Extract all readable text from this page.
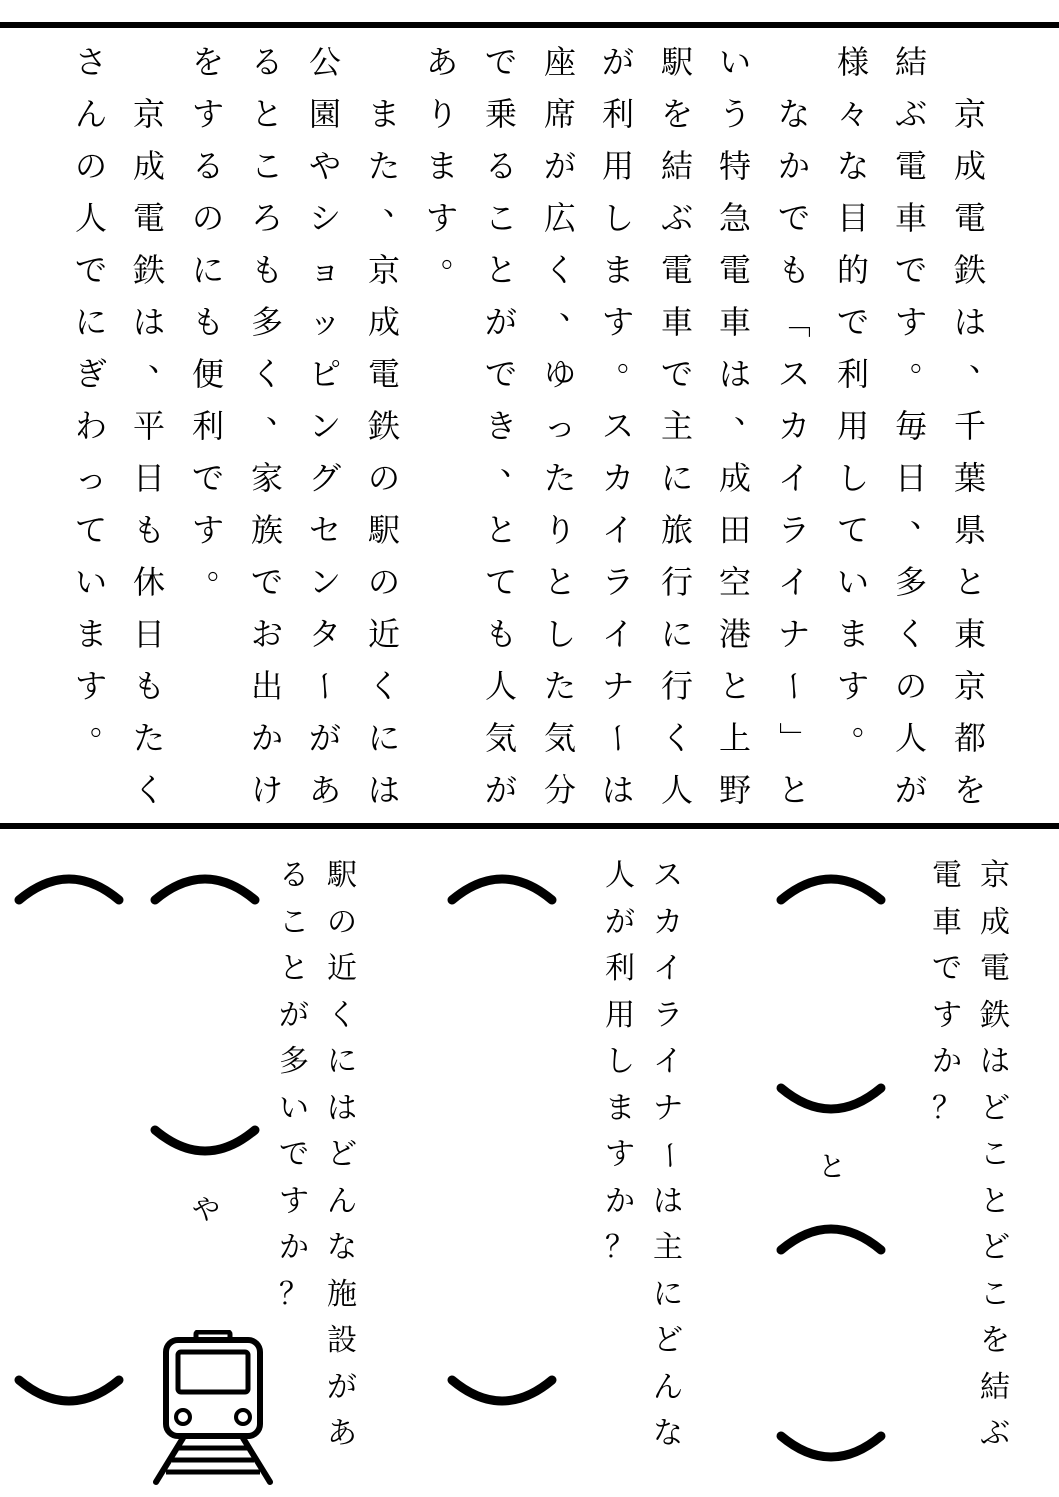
京
成
電
鉄
は
、
千
葉
県
と
東
京
都
を
結
ぶ
電
車
で
す
。
毎
日
、
多
く
の
人
が
様
々
な
目
的
で
利
用
し
て
い
ま
す
。
な
か
で
も
「
ス
カ
イ
ラ
イ
ナ
ー
」
と
い
う
特
急
電
車
は
、
成
田
空
港
と
上
野
駅
を
結
ぶ
電
車
で
主
に
旅
行
に
行
く
人
が
利
用
し
ま
す
。
ス
カ
イ
ラ
イ
ナ
ー
は
座
席
が
広
く
、
ゆ
っ
た
り
と
し
た
気
分
で
乗
る
こ
と
が
で
き
、
と
て
も
人
気
が
あ
り
ま
す
。
ま
た
、
京
成
電
鉄
の
駅
の
近
く
に
は
公
園
や
シ
ョ
ッ
ピ
ン
グ
セ
ン
タ
ー
が
あ
る
と
こ
ろ
も
多
く
、
家
族
で
お
出
か
け
を
す
る
の
に
も
便
利
で
す
。
京
成
電
鉄
は
、
平
日
も
休
日
も
た
く
さ
ん
の
人
で
に
ぎ
わ
っ
て
い
ま
す
。
京
成
電
鉄
は
ど
こ
と
ど
こ
を
結
ぶ
電
車
で
す
か
？
と
ス
カ
イ
ラ
イ
ナ
ー
は
主
に
ど
ん
な
人
が
利
用
し
ま
す
か
？
駅
の
近
く
に
は
ど
ん
な
施
設
が
あ
る
こ
と
が
多
い
で
す
か
？
や
